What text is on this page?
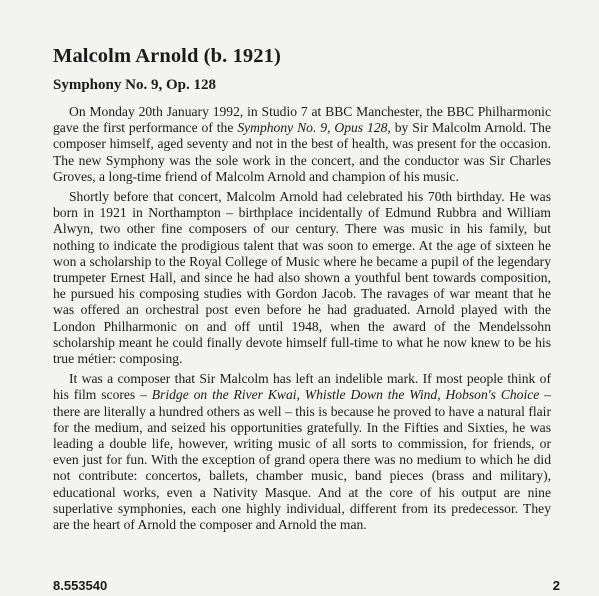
Malcolm Arnold (b. 1921)
Symphony No. 9, Op. 128

On Monday 20th January 1992, in Studio 7 at BBC Manchester, the BBC Philharmonic gave the first performance of the Symphony No. 9, Opus 128, by Sir Malcolm Arnold. The composer himself, aged seventy and not in the best of health, was present for the occasion. The new Symphony was the sole work in the concert, and the conductor was Sir Charles Groves, a long-time friend of Malcolm Arnold and champion of his music.

Shortly before that concert, Malcolm Arnold had celebrated his 70th birthday. He was born in 1921 in Northampton – birthplace incidentally of Edmund Rubbra and William Alwyn, two other fine composers of our century. There was music in his family, but nothing to indicate the prodigious talent that was soon to emerge. At the age of sixteen he won a scholarship to the Royal College of Music where he became a pupil of the legendary trumpeter Ernest Hall, and since he had also shown a youthful bent towards composition, he pursued his composing studies with Gordon Jacob. The ravages of war meant that he was offered an orchestral post even before he had graduated. Arnold played with the London Philharmonic on and off until 1948, when the award of the Mendelssohn scholarship meant he could finally devote himself full-time to what he now knew to be his true métier: composing.

It was a composer that Sir Malcolm has left an indelible mark. If most people think of his film scores – Bridge on the River Kwai, Whistle Down the Wind, Hobson's Choice – there are literally a hundred others as well – this is because he proved to have a natural flair for the medium, and seized his opportunities gratefully. In the Fifties and Sixties, he was leading a double life, however, writing music of all sorts to commission, for friends, or even just for fun. With the exception of grand opera there was no medium to which he did not contribute: concertos, ballets, chamber music, band pieces (brass and military), educational works, even a Nativity Masque. And at the core of his output are nine superlative symphonies, each one highly individual, different from its predecessor. They are the heart of Arnold the composer and Arnold the man.

8.553540	2
